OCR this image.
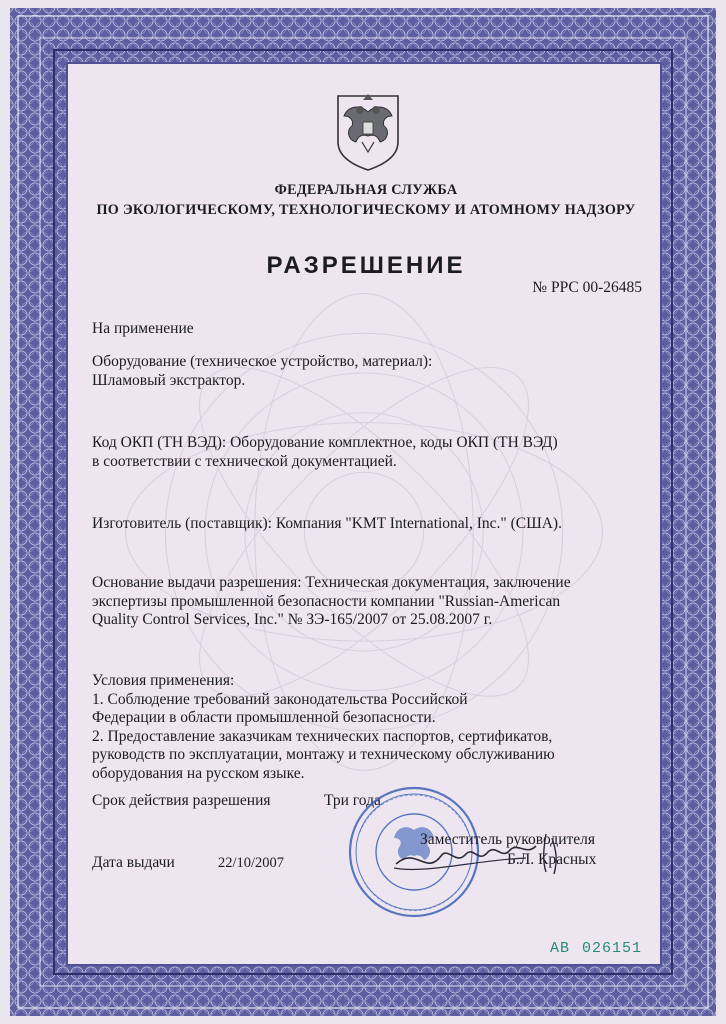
ФЕДЕРАЛЬНАЯ СЛУЖБА
ПО ЭКОЛОГИЧЕСКОМУ, ТЕХНОЛОГИЧЕСКОМУ И АТОМНОМУ НАДЗОРУ
РАЗРЕШЕНИЕ
№ РРС 00-26485
На применение
Оборудование (техническое устройство, материал):
Шламовый экстрактор.
Код ОКП (ТН ВЭД): Оборудование комплектное, коды ОКП (ТН ВЭД)
в соответствии с технической документацией.
Изготовитель (поставщик): Компания "KMT International, Inc." (США).
Основание выдачи разрешения: Техническая документация, заключение
экспертизы промышленной безопасности компании "Russian-American
Quality Control Services, Inc." № ЗЭ-165/2007 от 25.08.2007 г.
Условия применения:
1. Соблюдение требований законодательства Российской
Федерации в области промышленной безопасности.
2. Предоставление заказчикам технических паспортов, сертификатов,
руководств по эксплуатации, монтажу и техническому обслуживанию
оборудования на русском языке.
Срок действия разрешения	Три года
Заместитель руководителя
Б.Л. Красных
Дата выдачи	22/10/2007
АВ 026151
